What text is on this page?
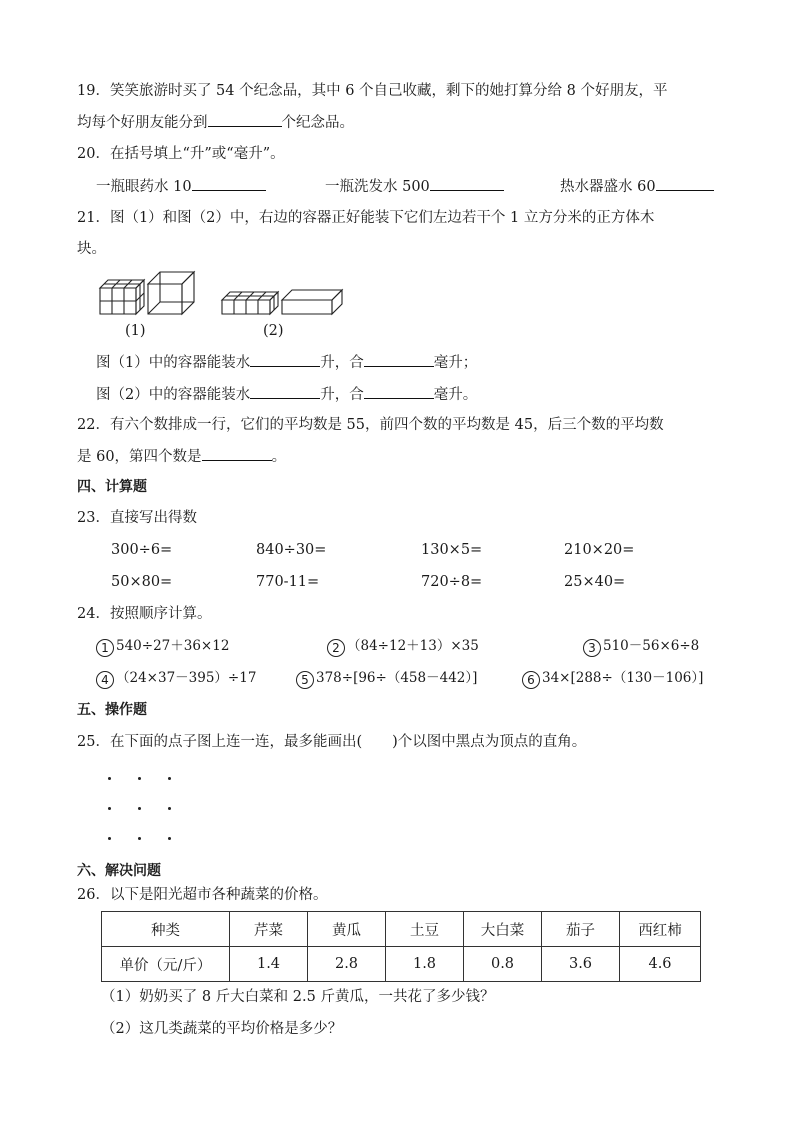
19．笑笑旅游时买了 54 个纪念品，其中 6 个自己收藏，剩下的她打算分给 8 个好朋友，平
均每个好朋友能分到	个纪念品。
20．在括号填上“升”或“毫升”。
一瓶眼药水 10	一瓶洗发水 500	热水器盛水 60
21．图（1）和图（2）中，右边的容器正好能装下它们左边若干个 1 立方分米的正方体木
块。
(1)	(2)
图（1）中的容器能装水	升，合	毫升；
图（2）中的容器能装水	升，合	毫升。
22．有六个数排成一行，它们的平均数是 55，前四个数的平均数是 45，后三个数的平均数
是 60，第四个数是	。
四、计算题
23．直接写出得数
300÷6=	840÷30=	130×5=	210×20=
50×80=	770-11=	720÷8=	25×40=
24．按照顺序计算。
1 540÷27＋36×12	2 （84÷12＋13）×35	3 510－56×6÷8
4 （24×37－395）÷17	5 378÷[96÷（458－442）]	6 34×[288÷（130－106）]
五、操作题
25．在下面的点子图上连一连，最多能画出( )个以图中黑点为顶点的直角。
六、解决问题
26．以下是阳光超市各种蔬菜的价格。
种类	芹菜	黄瓜	土豆	大白菜	茄子	西红柿
单价（元/斤）	1.4	2.8	1.8	0.8	3.6	4.6
（1）奶奶买了 8 斤大白菜和 2.5 斤黄瓜，一共花了多少钱？
（2）这几类蔬菜的平均价格是多少？
